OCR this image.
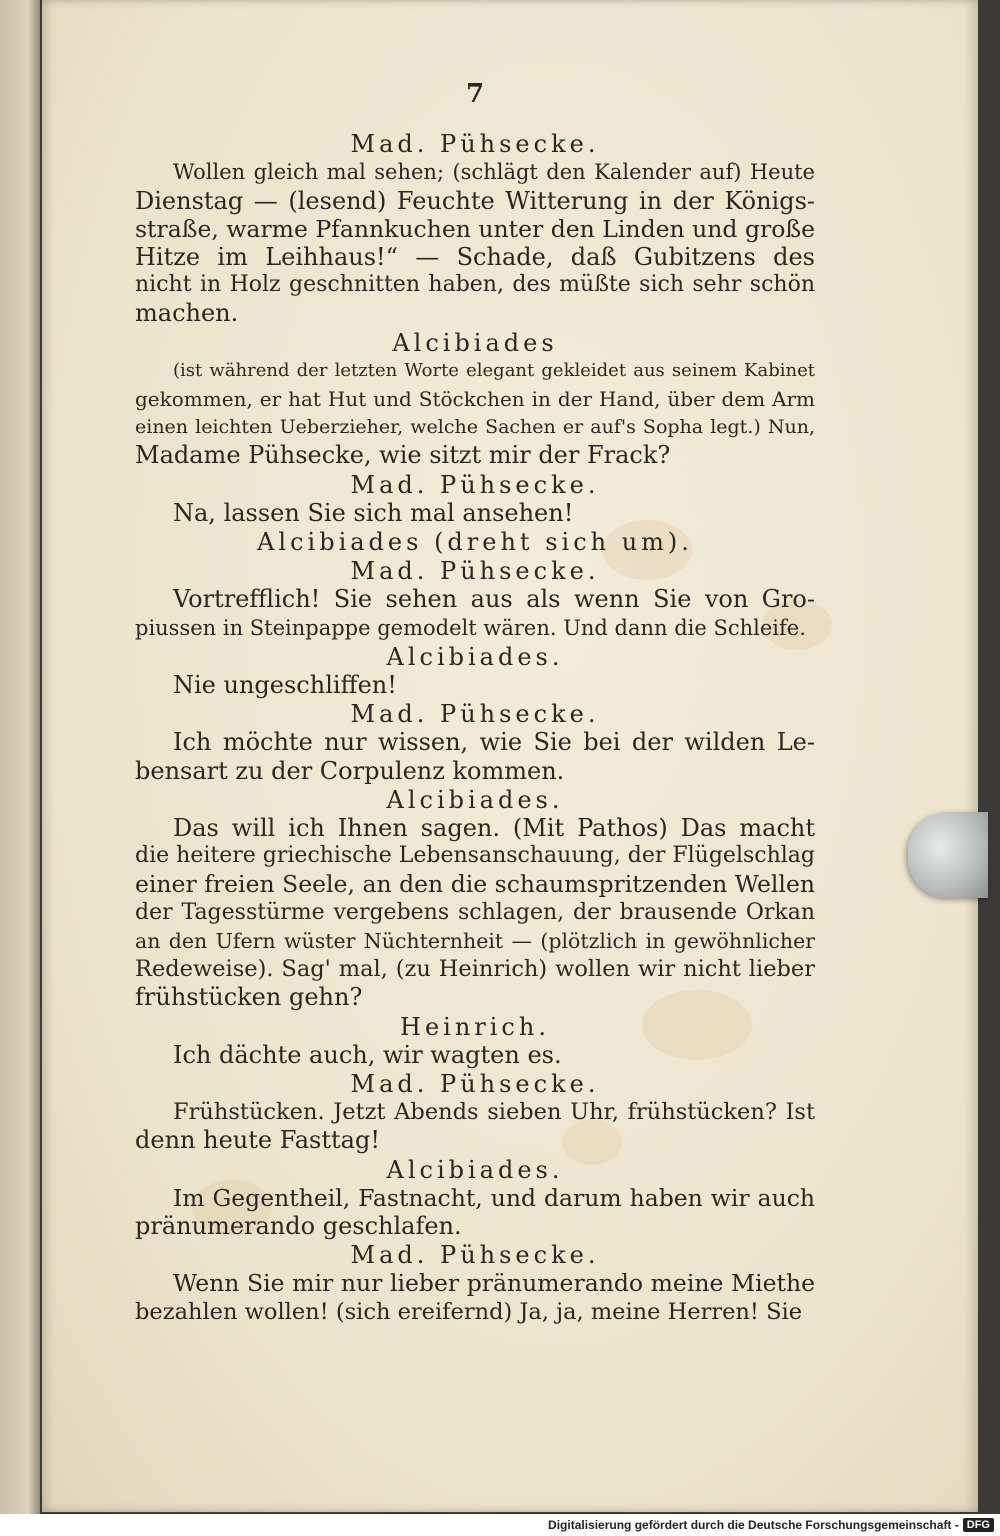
7
Mad. Pühsecke.
Wollen gleich mal sehen; (schlägt den Kalender auf) Heute
Dienstag — (lesend) Feuchte Witterung in der Königs-
straße, warme Pfannkuchen unter den Linden und große
Hitze im Leihhaus!“ — Schade, daß Gubitzens des
nicht in Holz geschnitten haben, des müßte sich sehr schön
machen.
Alcibiades
(ist während der letzten Worte elegant gekleidet aus seinem Kabinet
gekommen, er hat Hut und Stöckchen in der Hand, über dem Arm
einen leichten Ueberzieher, welche Sachen er auf's Sopha legt.) Nun,
Madame Pühsecke, wie sitzt mir der Frack?
Mad. Pühsecke.
Na, lassen Sie sich mal ansehen!
Alcibiades (dreht sich um).
Mad. Pühsecke.
Vortrefflich! Sie sehen aus als wenn Sie von Gro-
piussen in Steinpappe gemodelt wären. Und dann die Schleife.
Alcibiades.
Nie ungeschliffen!
Mad. Pühsecke.
Ich möchte nur wissen, wie Sie bei der wilden Le-
bensart zu der Corpulenz kommen.
Alcibiades.
Das will ich Ihnen sagen. (Mit Pathos) Das macht
die heitere griechische Lebensanschauung, der Flügelschlag
einer freien Seele, an den die schaumspritzenden Wellen
der Tagesstürme vergebens schlagen, der brausende Orkan
an den Ufern wüster Nüchternheit — (plötzlich in gewöhnlicher
Redeweise). Sag' mal, (zu Heinrich) wollen wir nicht lieber
frühstücken gehn?
Heinrich.
Ich dächte auch, wir wagten es.
Mad. Pühsecke.
Frühstücken. Jetzt Abends sieben Uhr, frühstücken? Ist
denn heute Fasttag!
Alcibiades.
Im Gegentheil, Fastnacht, und darum haben wir auch
pränumerando geschlafen.
Mad. Pühsecke.
Wenn Sie mir nur lieber pränumerando meine Miethe
bezahlen wollen! (sich ereifernd) Ja, ja, meine Herren! Sie
Digitalisierung gefördert durch die Deutsche Forschungsgemeinschaft - DFG
